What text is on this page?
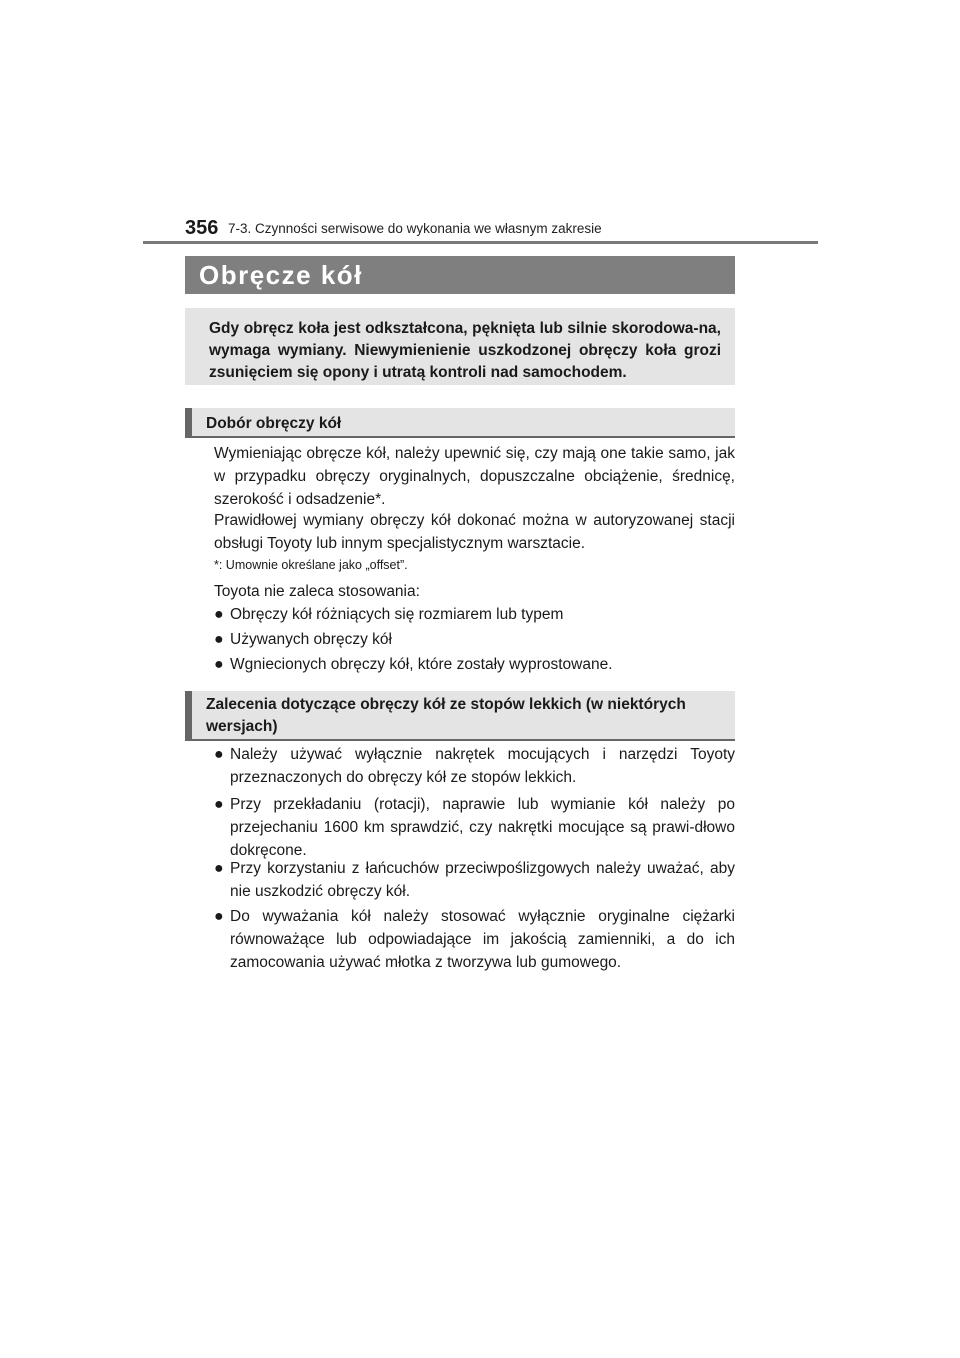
356 7-3. Czynności serwisowe do wykonania we własnym zakresie
Obręcze kół

Gdy obręcz koła jest odkształcona, pęknięta lub silnie skorodowa-na, wymaga wymiany. Niewymienienie uszkodzonej obręczy koła grozi zsunięciem się opony i utratą kontroli nad samochodem.

Dobór obręczy kół

Wymieniając obręcze kół, należy upewnić się, czy mają one takie samo, jak w przypadku obręczy oryginalnych, dopuszczalne obciążenie, średnicę, szerokość i odsadzenie*.

Prawidłowej wymiany obręczy kół dokonać można w autoryzowanej stacji obsługi Toyoty lub innym specjalistycznym warsztacie.

*: Umownie określane jako „offset”.

Toyota nie zaleca stosowania:

● Obręczy kół różniących się rozmiarem lub typem
● Używanych obręczy kół
● Wgniecionych obręczy kół, które zostały wyprostowane.
Zalecenia dotyczące obręczy kół ze stopów lekkich (w niektórych wersjach)
● Należy używać wyłącznie nakrętek mocujących i narzędzi Toyoty przeznaczonych do obręczy kół ze stopów lekkich.
● Przy przekładaniu (rotacji), naprawie lub wymianie kół należy po przejechaniu 1600 km sprawdzić, czy nakrętki mocujące są prawi-dłowo dokręcone.
● Przy korzystaniu z łańcuchów przeciwpoślizgowych należy uważać, aby nie uszkodzić obręczy kół.
● Do wyważania kół należy stosować wyłącznie oryginalne ciężarki równoważące lub odpowiadające im jakością zamienniki, a do ich zamocowania używać młotka z tworzywa lub gumowego.
